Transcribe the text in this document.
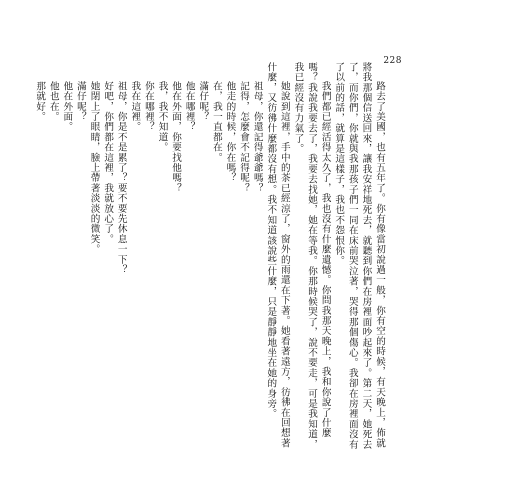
228

路去了美國，也有五年了。你有像當初說過一般，你有空的時候，有天晚上，佈就將我那個信送回來，讓我安祥地死去，就聽到你們在房裡面吵起來了。第二天，她死去了，而你們，你就與我那孩子們一同在床前哭泣著，哭得那個傷心。我卻在房裡面沒有了以前的話，就算是這樣子，我也不怨恨你。

我們都已經活得太久了，我也沒有什麼遺憾。你問我那天晚上，我和你說了什麼嗎？我說我要去了，我要去找她，她在等我。你那時候哭了，說不要走，可是我知道，我已經沒有力氣了。

她說到這裡，手中的茶已經涼了，窗外的雨還在下著。她看著遠方，彷彿在回想著什麼，又彷彿什麼都沒有想。我不知道該說些什麼，只是靜靜地坐在她的身旁。

祖母，你還記得爺爺嗎？

記得，怎麼會不記得呢？

他走的時候，你在嗎？

在，我一直都在。

滿仔呢？

他在哪裡？

他在外面，你要找他嗎？

我，我不知道。

你在哪裡？

我在這裡。

祖母，你是不是累了？要不要先休息一下？

好吧，你們都在這裡，我就放心了。

她閉上了眼睛，臉上帶著淡淡的微笑。

滿仔呢？

他在外面。

他也在。

那就好。
